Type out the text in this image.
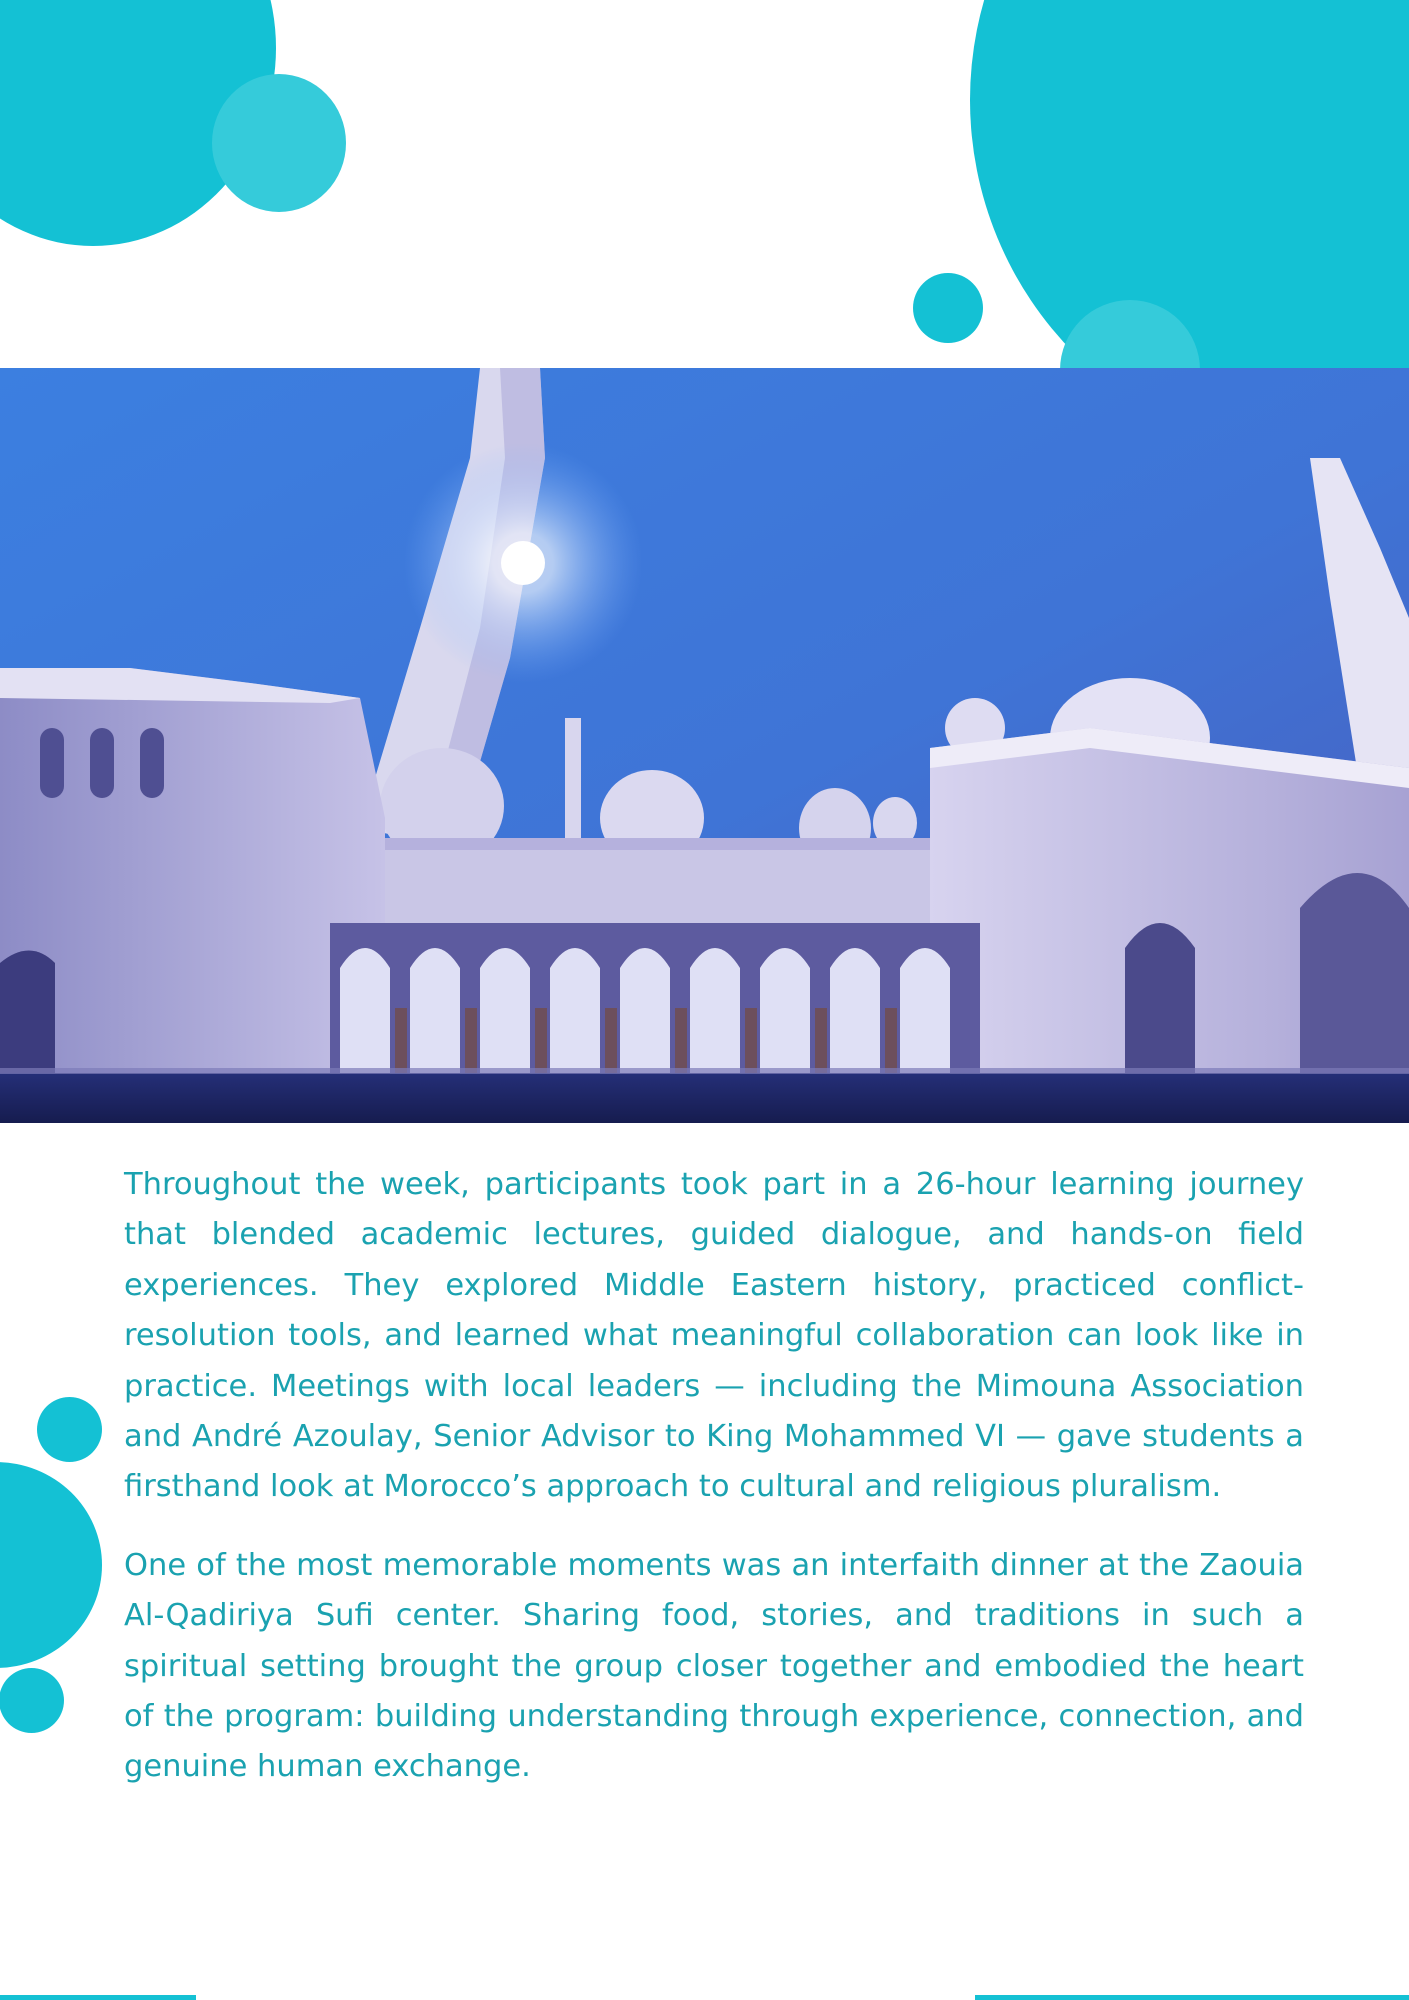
Throughout the week, participants took part in a 26-hour learning journey that blended academic lectures, guided dialogue, and hands-on field experiences. They explored Middle Eastern history, practiced conflict-resolution tools, and learned what meaningful collaboration can look like in practice. Meetings with local leaders — including the Mimouna Association and André Azoulay, Senior Advisor to King Mohammed VI — gave students a firsthand look at Morocco’s approach to cultural and religious pluralism.

One of the most memorable moments was an interfaith dinner at the Zaouia Al-Qadiriya Sufi center. Sharing food, stories, and traditions in such a spiritual setting brought the group closer together and embodied the heart of the program: building understanding through experience, connection, and genuine human exchange.
